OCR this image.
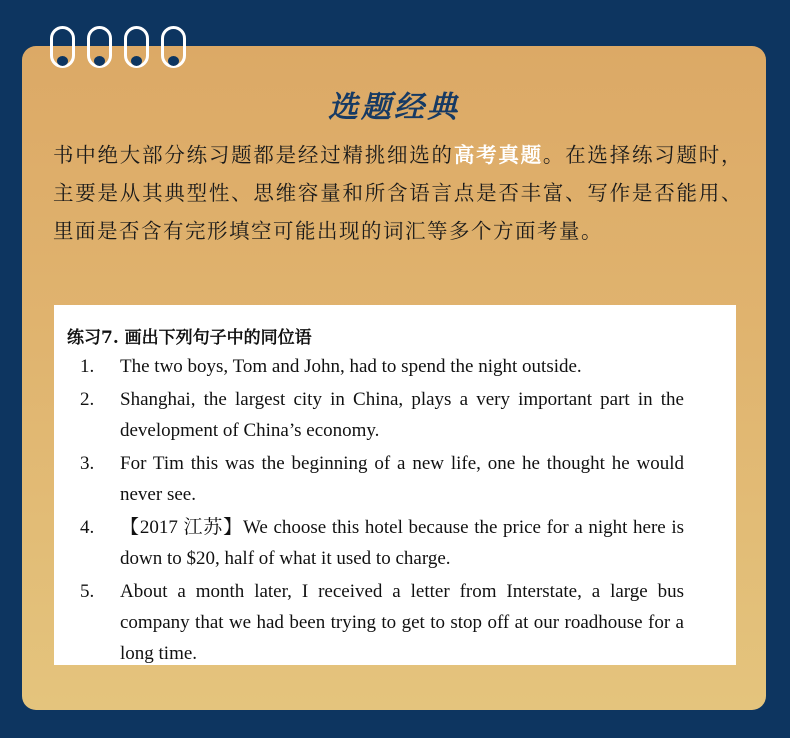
选题经典

书中绝大部分练习题都是经过精挑细选的高考真题。在选择练习题时，主要是从其典型性、思维容量和所含语言点是否丰富、写作是否能用、里面是否含有完形填空可能出现的词汇等多个方面考量。

练习7. 画出下列句子中的同位语
1.	The two boys, Tom and John, had to spend the night outside.
2.	Shanghai, the largest city in China, plays a very important part in the development of China’s economy.
3.	For Tim this was the beginning of a new life, one he thought he would never see.
4.	【2017 江苏】We choose this hotel because the price for a night here is down to $20, half of what it used to charge.
5.	About a month later, I received a letter from Interstate, a large bus company that we had been trying to get to stop off at our roadhouse for a long time.
